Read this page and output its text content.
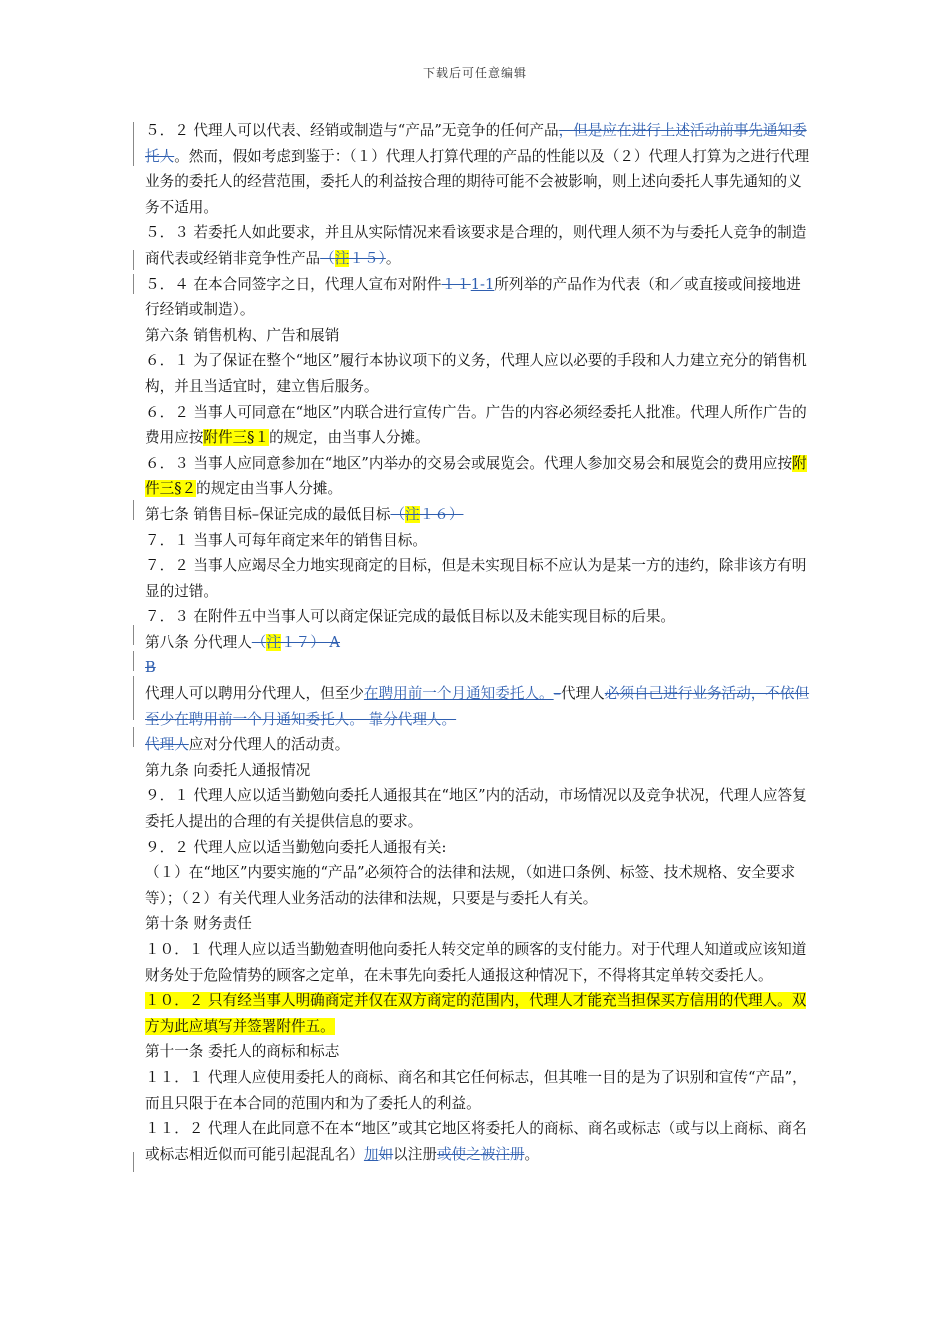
下载后可任意编辑

５．２ 代理人可以代表、经销或制造与“产品”无竞争的任何产品，但是应在进行上述活动前事先通知委托人。然而，假如考虑到鉴于：（１）代理人打算代理的产品的性能以及（２）代理人打算为之进行代理业务的委托人的经营范围，委托人的利益按合理的期待可能不会被影响，则上述向委托人事先通知的义务不适用。

５．３ 若委托人如此要求，并且从实际情况来看该要求是合理的，则代理人须不为与委托人竞争的制造商代表或经销非竞争性产品（注１５）。

５．４ 在本合同签字之日，代理人宣布对附件１１1-1所列举的产品作为代表（和／或直接或间接地进行经销或制造）。

第六条 销售机构、广告和展销

６．１ 为了保证在整个“地区”履行本协议项下的义务，代理人应以必要的手段和人力建立充分的销售机构，并且当适宜时，建立售后服务。

６．２ 当事人可同意在“地区”内联合进行宣传广告。广告的内容必须经委托人批准。代理人所作广告的费用应按附件三§１的规定，由当事人分摊。

６．３ 当事人应同意参加在“地区”内举办的交易会或展览会。代理人参加交易会和展览会的费用应按附件三§２的规定由当事人分摊。

第七条 销售目标–保证完成的最低目标（注１６）

７．１ 当事人可每年商定来年的销售目标。

７．２ 当事人应竭尽全力地实现商定的目标，但是未实现目标不应认为是某一方的违约，除非该方有明显的过错。

７．３ 在附件五中当事人可以商定保证完成的最低目标以及未能实现目标的后果。

第八条 分代理人（注１７） A

B

代理人可以聘用分代理人，但至少在聘用前一个月通知委托人。–代理人必须自己进行业务活动，不依但至少在聘用前一个月通知委托人。 靠分代理人。

代理人应对分代理人的活动责。

第九条 向委托人通报情况

９．１ 代理人应以适当勤勉向委托人通报其在“地区”内的活动，市场情况以及竞争状况，代理人应答复委托人提出的合理的有关提供信息的要求。

９．２ 代理人应以适当勤勉向委托人通报有关:

（１）在“地区”内要实施的“产品”必须符合的法律和法规，（如进口条例、标签、技术规格、安全要求等）；（２）有关代理人业务活动的法律和法规，只要是与委托人有关。

第十条 财务责任

１０．１ 代理人应以适当勤勉查明他向委托人转交定单的顾客的支付能力。对于代理人知道或应该知道财务处于危险情势的顾客之定单，在未事先向委托人通报这种情况下，不得将其定单转交委托人。

１０．２ 只有经当事人明确商定并仅在双方商定的范围内，代理人才能充当担保买方信用的代理人。双方为此应填写并签署附件五。

第十一条 委托人的商标和标志

１１．１ 代理人应使用委托人的商标、商名和其它任何标志，但其唯一目的是为了识别和宣传“产品”，而且只限于在本合同的范围内和为了委托人的利益。

１１．２ 代理人在此同意不在本“地区”或其它地区将委托人的商标、商名或标志（或与以上商标、商名或标志相近似而可能引起混乱名）加如以注册或使之被注册。
